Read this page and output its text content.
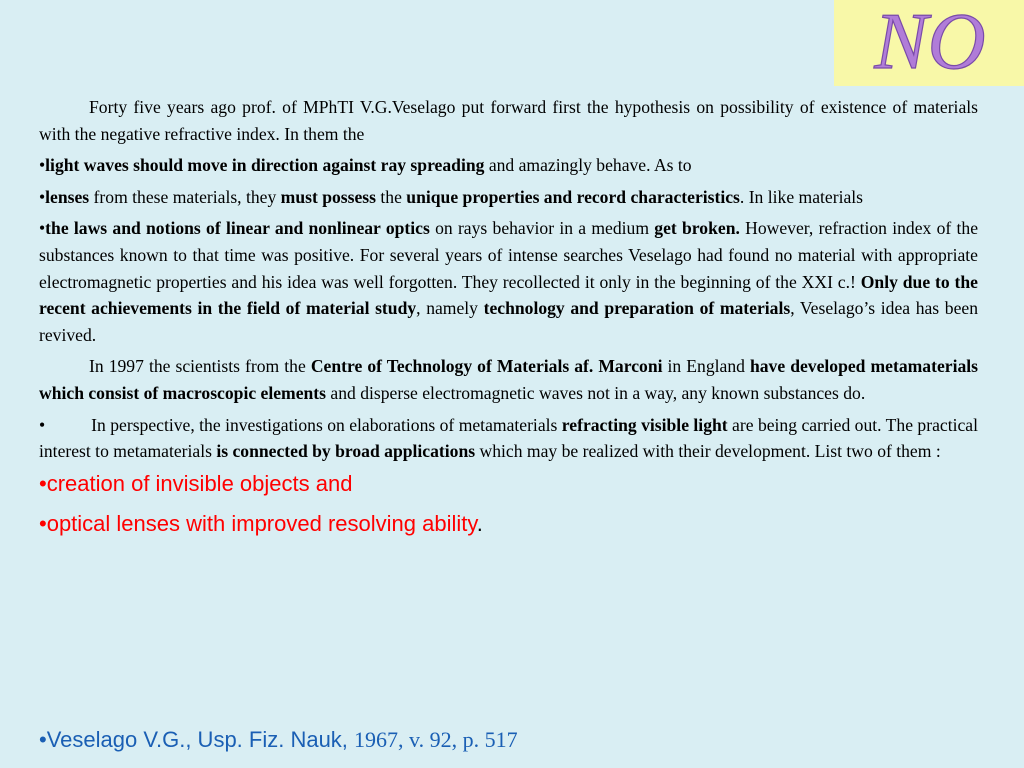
NO

Forty five years ago prof. of MPhTI V.G.Veselago put forward first the hypothesis on possibility of existence of materials with the negative refractive index. In them the

•light waves should move in direction against ray spreading and amazingly behave. As to

•lenses from these materials, they must possess the unique properties and record characteristics. In like materials

•the laws and notions of linear and nonlinear optics on rays behavior in a medium get broken. However, refraction index of the substances known to that time was positive. For several years of intense searches Veselago had found no material with appropriate electromagnetic properties and his idea was well forgotten. They recollected it only in the beginning of the XXI c.! Only due to the recent achievements in the field of material study, namely technology and preparation of materials, Veselago’s idea has been revived.

In 1997 the scientists from the Centre of Technology of Materials af. Marconi in England have developed metamaterials which consist of macroscopic elements and disperse electromagnetic waves not in a way, any known substances do.

•	In perspective, the investigations on elaborations of metamaterials refracting visible light are being carried out. The practical interest to metamaterials is connected by broad applications which may be realized with their development. List two of them :

•creation of invisible objects and

•optical lenses with improved resolving ability.

•Veselago V.G., Usp. Fiz. Nauk, 1967, v. 92, p. 517
